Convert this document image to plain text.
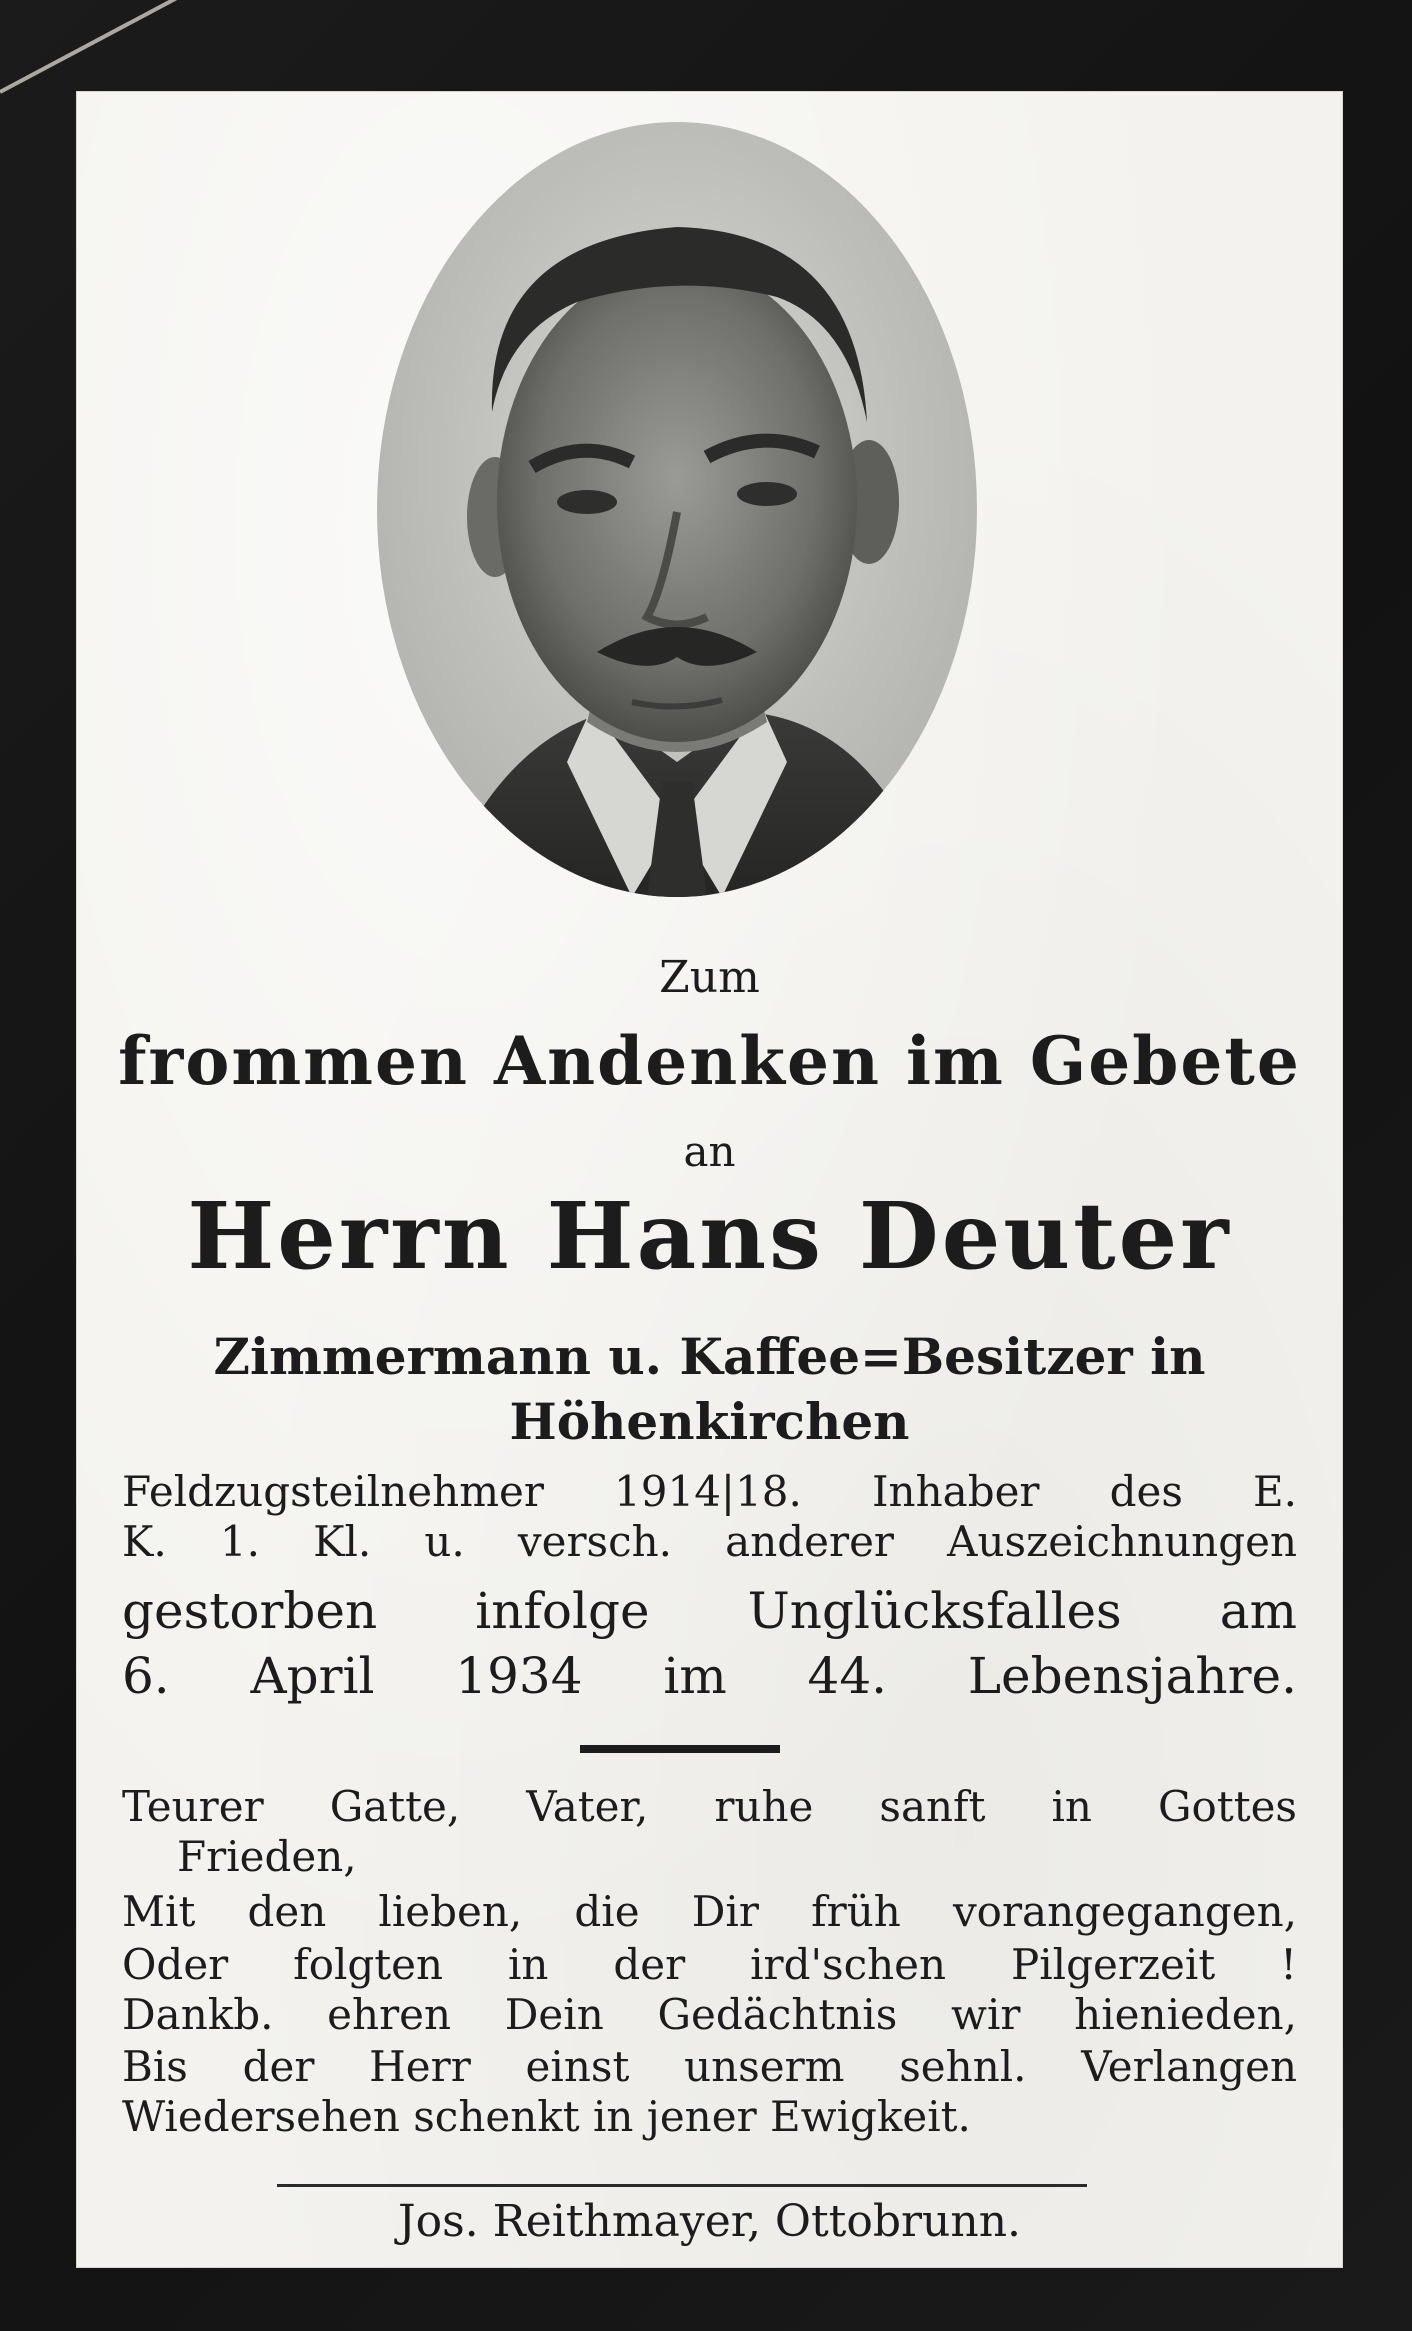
Zum
frommen Andenken im Gebete
an
Herrn Hans Deuter
Zimmermann u. Kaffee=Besitzer in
Höhenkirchen
Feldzugsteilnehmer 1914|18. Inhaber des E.
K. 1. Kl. u. versch. anderer Auszeichnungen
gestorben infolge Unglücksfalles am
6. April 1934 im 44. Lebensjahre.
Teurer Gatte, Vater, ruhe sanft in Gottes
Frieden,
Mit den lieben, die Dir früh vorangegangen,
Oder folgten in der ird'schen Pilgerzeit !
Dankb. ehren Dein Gedächtnis wir hienieden,
Bis der Herr einst unserm sehnl. Verlangen
Wiedersehen schenkt in jener Ewigkeit.
Jos. Reithmayer, Ottobrunn.
